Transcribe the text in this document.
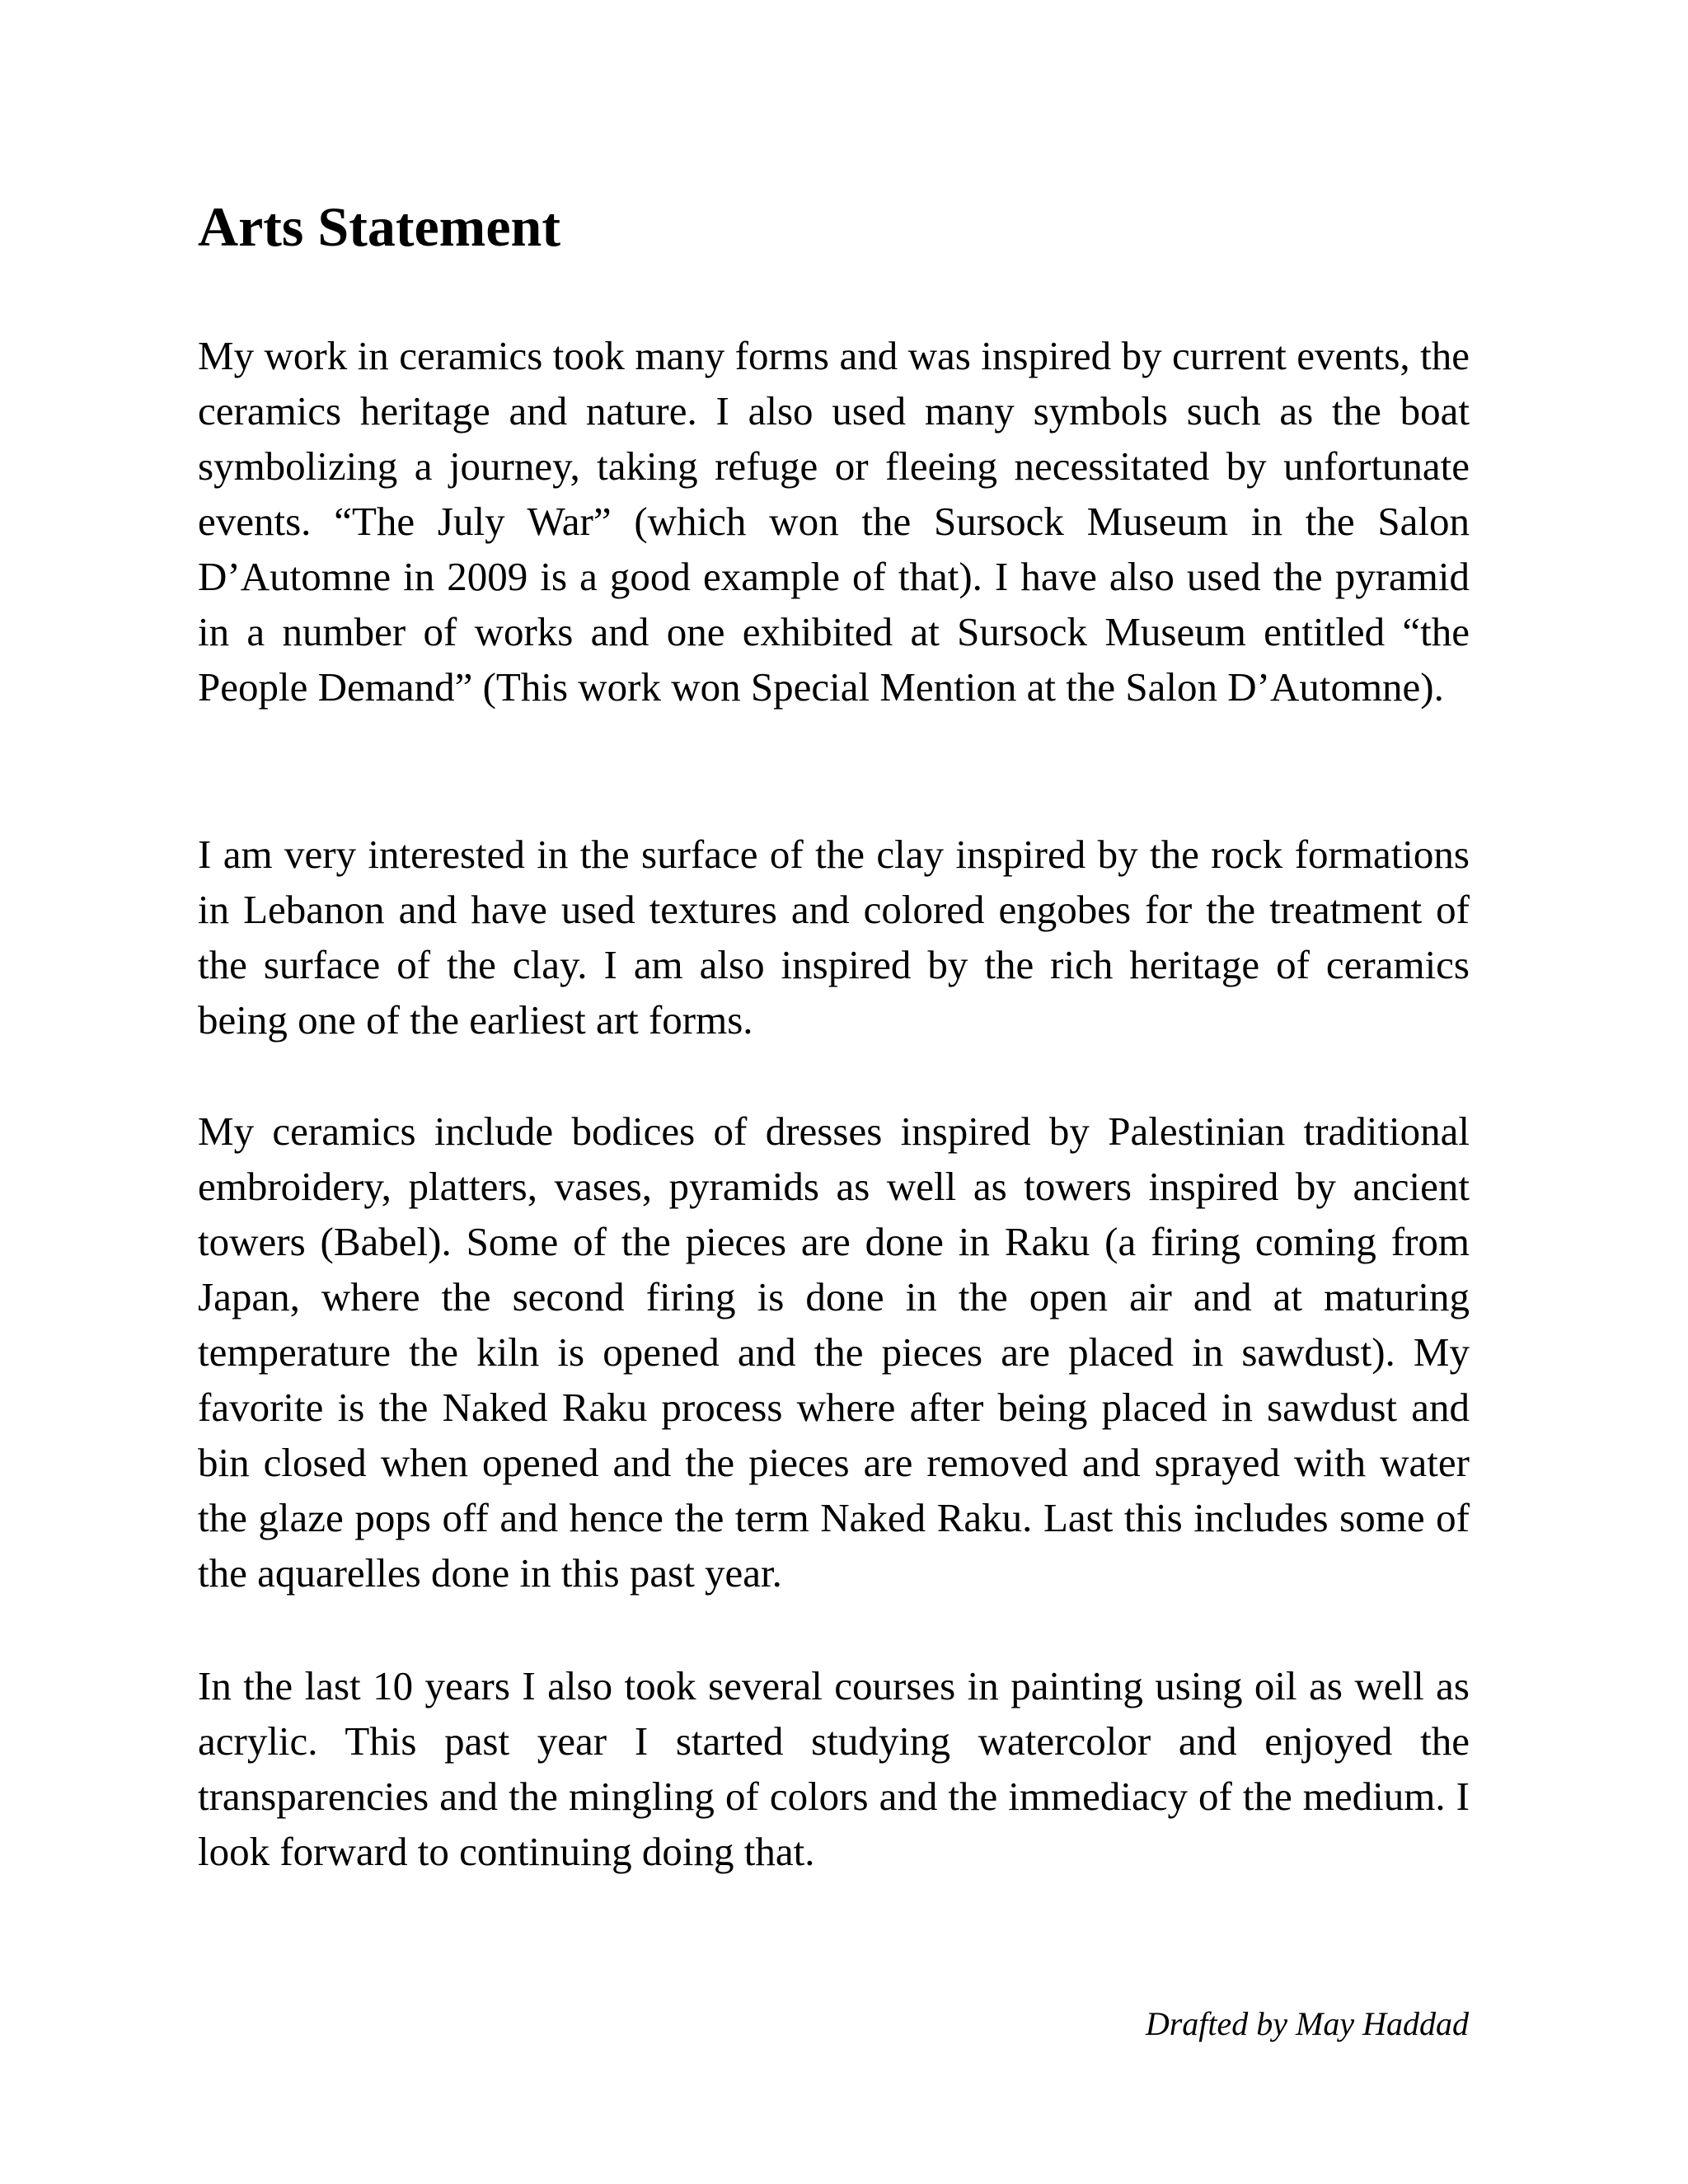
Arts Statement

My work in ceramics took many forms and was inspired by current events, the ceramics heritage and nature. I also used many symbols such as the boat symbolizing a journey, taking refuge or fleeing necessitated by unfortunate events. “The July War” (which won the Sursock Museum in the Salon D’Automne in 2009 is a good example of that). I have also used the pyramid in a number of works and one exhibited at Sursock Museum entitled “the People Demand” (This work won Special Mention at the Salon D’Automne).

I am very interested in the surface of the clay inspired by the rock formations in Lebanon and have used textures and colored engobes for the treatment of the surface of the clay. I am also inspired by the rich heritage of ceramics being one of the earliest art forms.

My ceramics include bodices of dresses inspired by Palestinian traditional embroidery, platters, vases, pyramids as well as towers inspired by ancient towers (Babel). Some of the pieces are done in Raku (a firing coming from Japan, where the second firing is done in the open air and at maturing temperature the kiln is opened and the pieces are placed in sawdust). My favorite is the Naked Raku process where after being placed in sawdust and bin closed when opened and the pieces are removed and sprayed with water the glaze pops off and hence the term Naked Raku. Last this includes some of the aquarelles done in this past year.

In the last 10 years I also took several courses in painting using oil as well as acrylic. This past year I started studying watercolor and enjoyed the transparencies and the mingling of colors and the immediacy of the medium. I look forward to continuing doing that.

Drafted by May Haddad
